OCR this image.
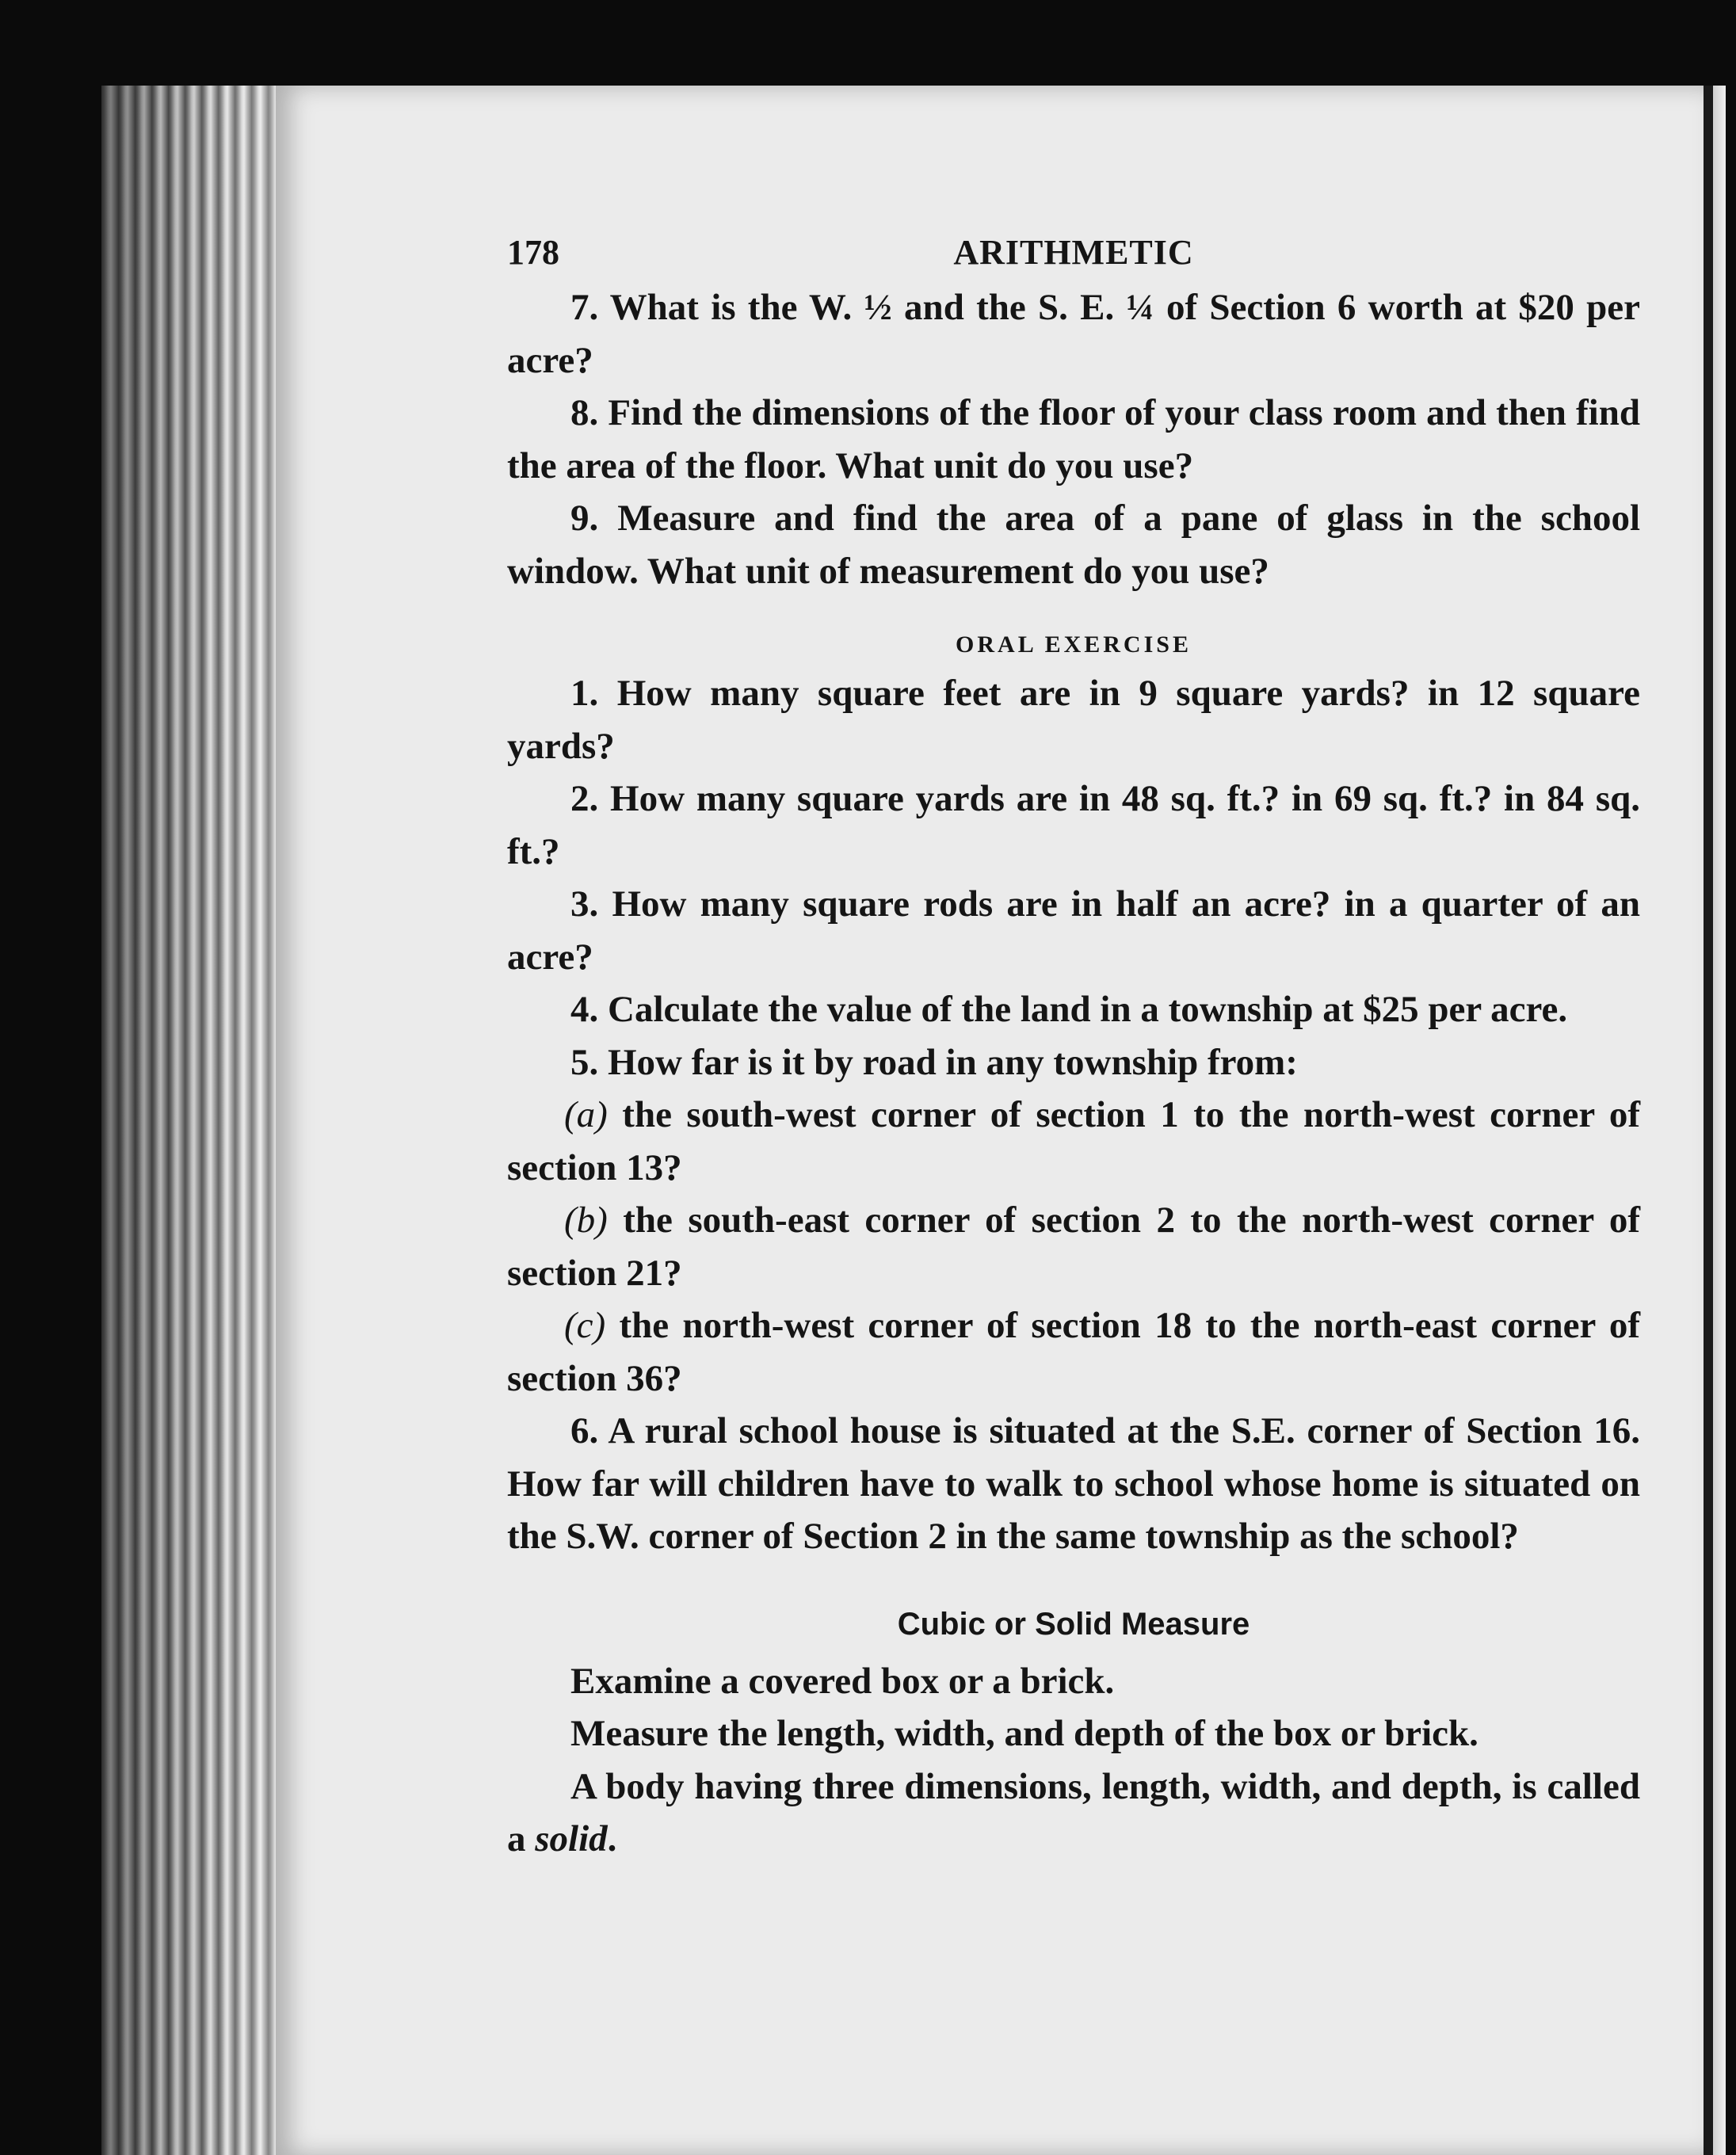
178	ARITHMETIC

7. What is the W. ½ and the S. E. ¼ of Section 6 worth at $20 per acre?

8. Find the dimensions of the floor of your class room and then find the area of the floor. What unit do you use?

9. Measure and find the area of a pane of glass in the school window. What unit of measurement do you use?

ORAL EXERCISE

1. How many square feet are in 9 square yards? in 12 square yards?

2. How many square yards are in 48 sq. ft.? in 69 sq. ft.? in 84 sq. ft.?

3. How many square rods are in half an acre? in a quarter of an acre?

4. Calculate the value of the land in a township at $25 per acre.

5. How far is it by road in any township from:

(a) the south-west corner of section 1 to the north-west corner of section 13?

(b) the south-east corner of section 2 to the north-west corner of section 21?

(c) the north-west corner of section 18 to the north-east corner of section 36?

6. A rural school house is situated at the S.E. corner of Section 16. How far will children have to walk to school whose home is situated on the S.W. corner of Section 2 in the same township as the school?

Cubic or Solid Measure

Examine a covered box or a brick.

Measure the length, width, and depth of the box or brick.

A body having three dimensions, length, width, and depth, is called a solid.
